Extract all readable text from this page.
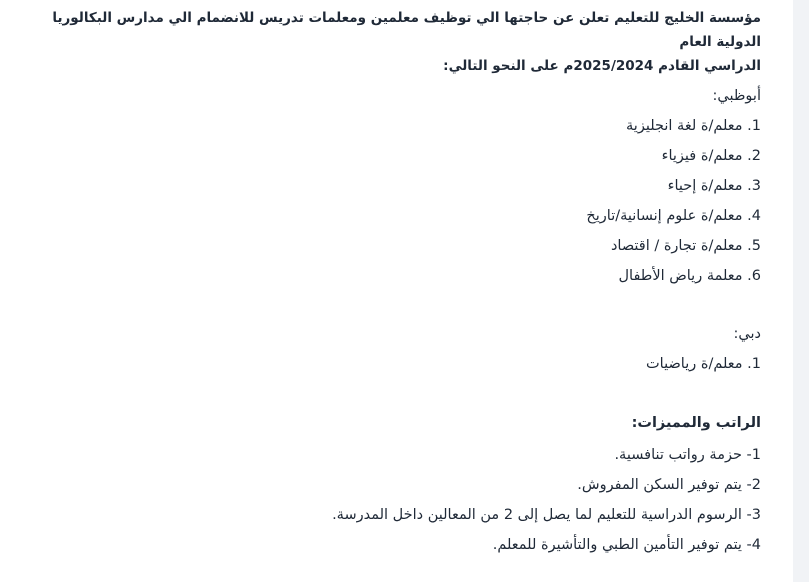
مؤسسة الخليج للتعليم تعلن عن حاجتها الي توظيف معلمين ومعلمات تدريس للانضمام الي مدارس البكالوريا الدولية العام
الدراسي القادم 2025/2024م على النحو التالي:

أبوظبي:
1. معلم/ة لغة انجليزية
2. معلم/ة فيزياء
3. معلم/ة إحياء
4. معلم/ة علوم إنسانية/تاريخ
5. معلم/ة تجارة / اقتصاد
6. معلمة رياض الأطفال
دبي:
1. معلم/ة رياضيات
الراتب والمميزات:
1- حزمة رواتب تنافسية.
2- يتم توفير السكن المفروش.
3- الرسوم الدراسية للتعليم لما يصل إلى 2 من المعالين داخل المدرسة.
4- يتم توفير التأمين الطبي والتأشيرة للمعلم.
